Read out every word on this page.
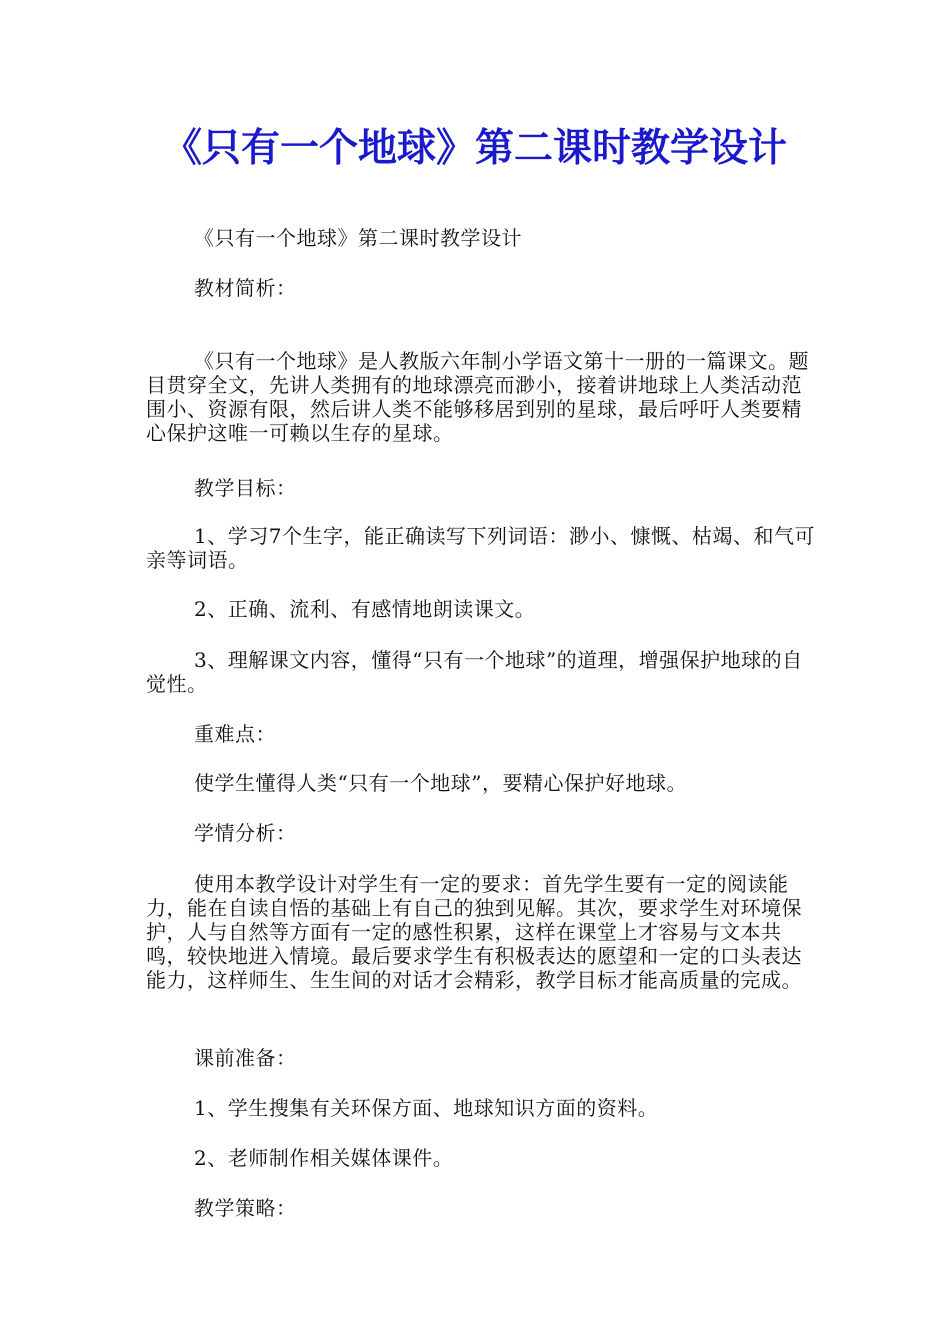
《只有一个地球》第二课时教学设计

《只有一个地球》第二课时教学设计

教材简析：

《只有一个地球》是人教版六年制小学语文第十一册的一篇课文。题目贯穿全文，先讲人类拥有的地球漂亮而渺小，接着讲地球上人类活动范围小、资源有限，然后讲人类不能够移居到别的星球，最后呼吁人类要精心保护这唯一可赖以生存的星球。

教学目标：

1、学习7个生字，能正确读写下列词语：渺小、慷慨、枯竭、和气可亲等词语。

2、正确、流利、有感情地朗读课文。

3、理解课文内容，懂得“只有一个地球”的道理，增强保护地球的自觉性。

重难点：

使学生懂得人类“只有一个地球”，要精心保护好地球。

学情分析：

使用本教学设计对学生有一定的要求：首先学生要有一定的阅读能力，能在自读自悟的基础上有自己的独到见解。其次，要求学生对环境保护，人与自然等方面有一定的感性积累，这样在课堂上才容易与文本共鸣，较快地进入情境。最后要求学生有积极表达的愿望和一定的口头表达能力，这样师生、生生间的对话才会精彩，教学目标才能高质量的完成。

课前准备：

1、学生搜集有关环保方面、地球知识方面的资料。

2、老师制作相关媒体课件。

教学策略：
